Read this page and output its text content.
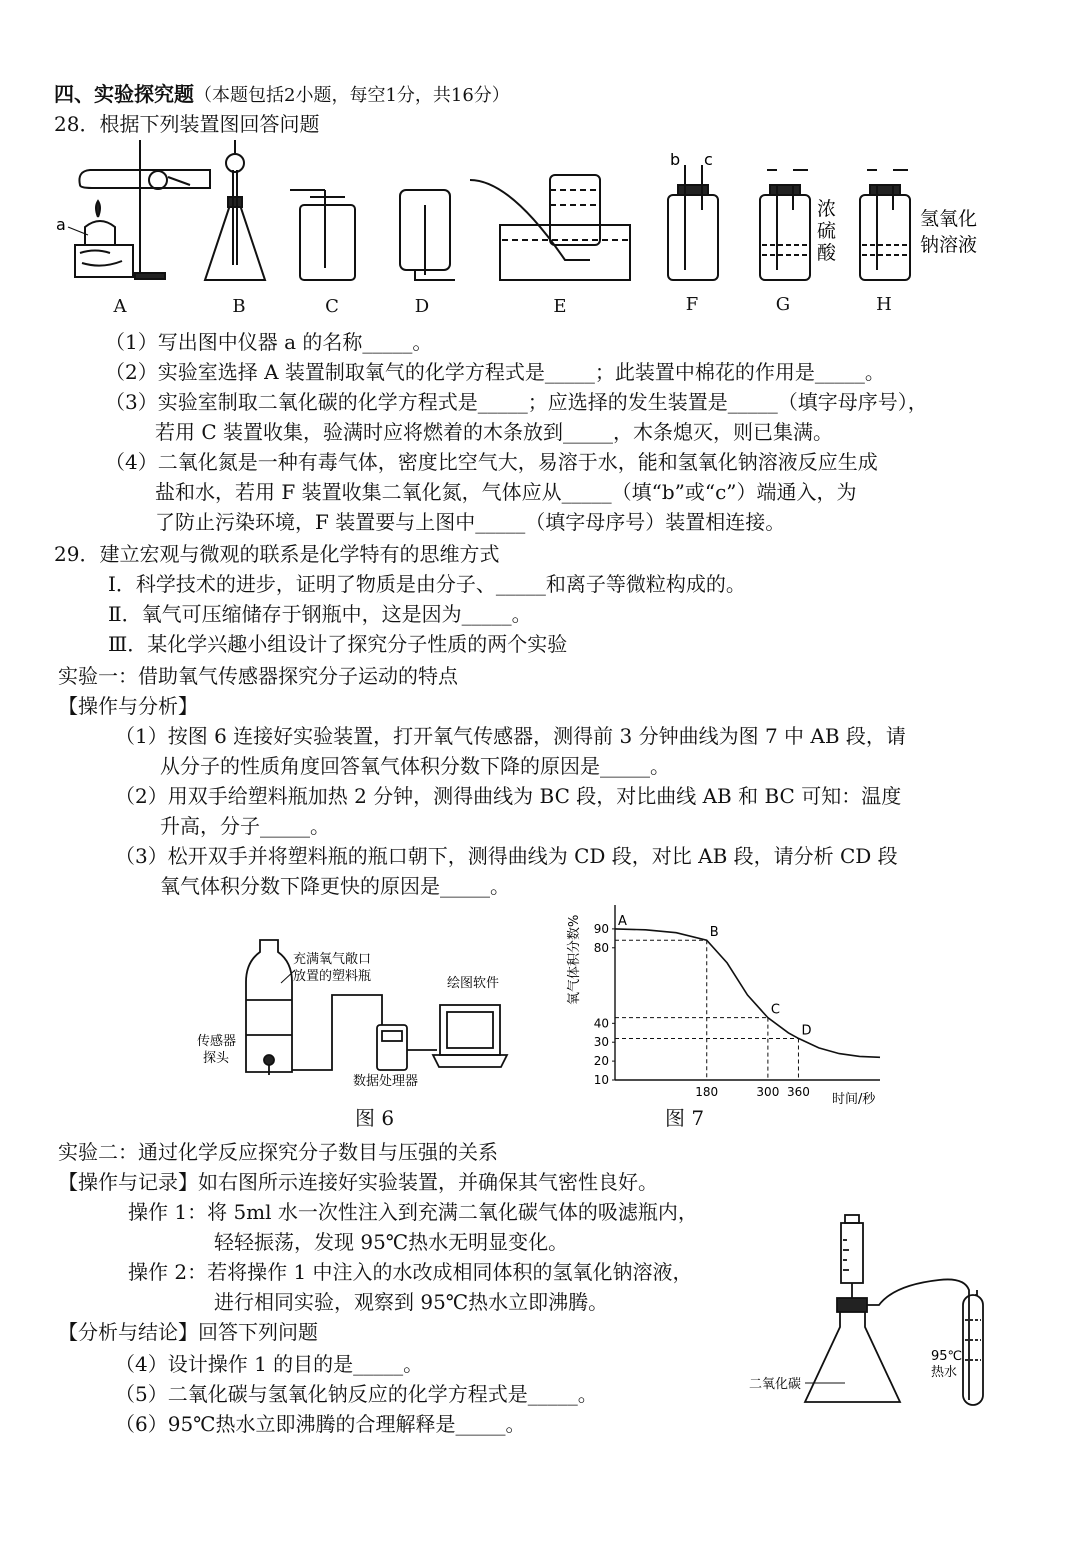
四、实验探究题（本题包括2小题，每空1分，共16分）
28．根据下列装置图回答问题
a
b c
浓
硫
酸
氢氧化
钠溶液
A	B	C	D	E	F	G	H
（1）写出图中仪器 a 的名称_____。
（2）实验室选择 A 装置制取氧气的化学方程式是_____；此装置中棉花的作用是_____。
（3）实验室制取二氧化碳的化学方程式是_____；应选择的发生装置是_____（填字母序号），
若用 C 装置收集，验满时应将燃着的木条放到_____，木条熄灭，则已集满。
（4）二氧化氮是一种有毒气体，密度比空气大，易溶于水，能和氢氧化钠溶液反应生成
盐和水，若用 F 装置收集二氧化氮，气体应从_____（填“b”或“c”）端通入，为
了防止污染环境，F 装置要与上图中_____（填字母序号）装置相连接。
29．建立宏观与微观的联系是化学特有的思维方式
Ⅰ．科学技术的进步，证明了物质是由分子、_____和离子等微粒构成的。
Ⅱ．氧气可压缩储存于钢瓶中，这是因为_____。
Ⅲ．某化学兴趣小组设计了探究分子性质的两个实验
实验一：借助氧气传感器探究分子运动的特点
【操作与分析】
（1）按图 6 连接好实验装置，打开氧气传感器，测得前 3 分钟曲线为图 7 中 AB 段，请
从分子的性质角度回答氧气体积分数下降的原因是_____。
（2）用双手给塑料瓶加热 2 分钟，测得曲线为 BC 段，对比曲线 AB 和 BC 可知：温度
升高，分子_____。
（3）松开双手并将塑料瓶的瓶口朝下，测得曲线为 CD 段，对比 AB 段，请分析 CD 段
氧气体积分数下降更快的原因是_____。
充满氧气敞口
放置的塑料瓶	绘图软件
传感器
探头
数据处理器
图 6
氧气体积分数%
时间/秒
10
20
30
40
80
90
180	300 360
A
B
C
D
图 7
实验二：通过化学反应探究分子数目与压强的关系
【操作与记录】如右图所示连接好实验装置，并确保其气密性良好。
操作 1：将 5ml 水一次性注入到充满二氧化碳气体的吸滤瓶内，
轻轻振荡，发现 95℃热水无明显变化。
操作 2：若将操作 1 中注入的水改成相同体积的氢氧化钠溶液，
进行相同实验，观察到 95℃热水立即沸腾。
【分析与结论】回答下列问题
（4）设计操作 1 的目的是_____。
（5）二氧化碳与氢氧化钠反应的化学方程式是_____。
（6）95℃热水立即沸腾的合理解释是_____。
二氧化碳
95℃
热水
